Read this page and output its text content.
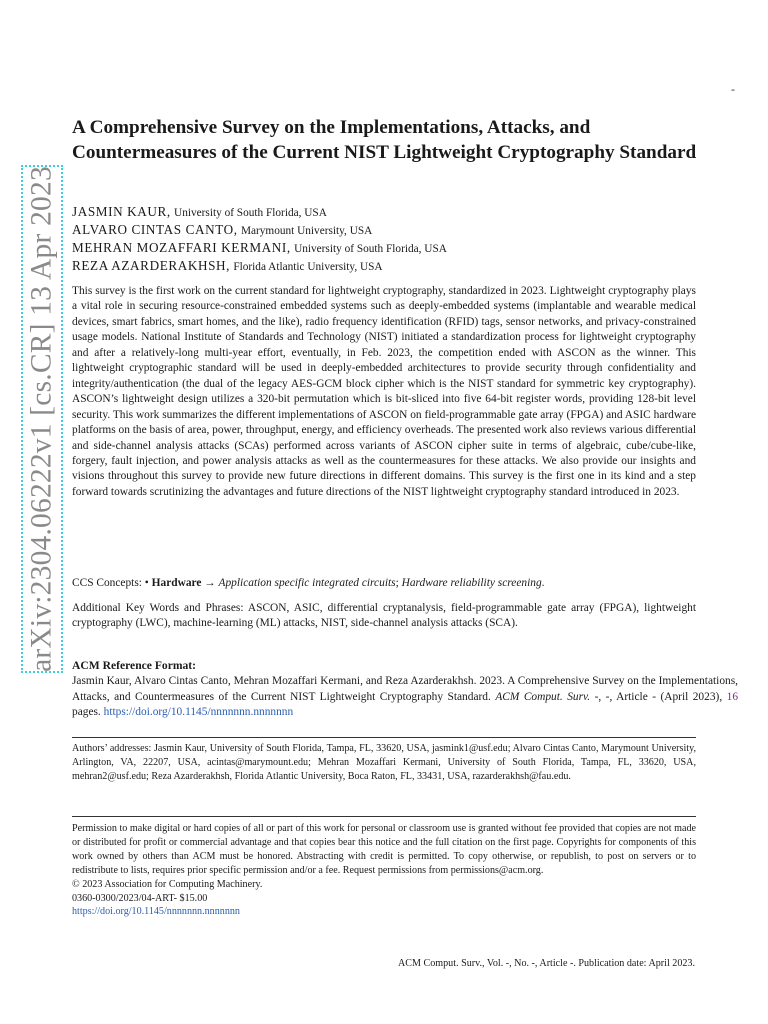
arXiv:2304.06222v1 [cs.CR] 13 Apr 2023
-
A Comprehensive Survey on the Implementations, Attacks, and Countermeasures of the Current NIST Lightweight Cryptography Standard
JASMIN KAUR, University of South Florida, USA
ALVARO CINTAS CANTO, Marymount University, USA
MEHRAN MOZAFFARI KERMANI, University of South Florida, USA
REZA AZARDERAKHSH, Florida Atlantic University, USA

This survey is the first work on the current standard for lightweight cryptography, standardized in 2023. Lightweight cryptography plays a vital role in securing resource-constrained embedded systems such as deeply-embedded systems (implantable and wearable medical devices, smart fabrics, smart homes, and the like), radio frequency identification (RFID) tags, sensor networks, and privacy-constrained usage models. National Institute of Standards and Technology (NIST) initiated a standardization process for lightweight cryptography and after a relatively-long multi-year effort, eventually, in Feb. 2023, the competition ended with ASCON as the winner. This lightweight cryptographic standard will be used in deeply-embedded architectures to provide security through confidentiality and integrity/authentication (the dual of the legacy AES-GCM block cipher which is the NIST standard for symmetric key cryptography). ASCON’s lightweight design utilizes a 320-bit permutation which is bit-sliced into five 64-bit register words, providing 128-bit level security. This work summarizes the different implementations of ASCON on field-programmable gate array (FPGA) and ASIC hardware platforms on the basis of area, power, throughput, energy, and efficiency overheads. The presented work also reviews various differential and side-channel analysis attacks (SCAs) performed across variants of ASCON cipher suite in terms of algebraic, cube/cube-like, forgery, fault injection, and power analysis attacks as well as the countermeasures for these attacks. We also provide our insights and visions throughout this survey to provide new future directions in different domains. This survey is the first one in its kind and a step forward towards scrutinizing the advantages and future directions of the NIST lightweight cryptography standard introduced in 2023.

CCS Concepts: • Hardware → Application specific integrated circuits; Hardware reliability screening.
Additional Key Words and Phrases: ASCON, ASIC, differential cryptanalysis, field-programmable gate array (FPGA), lightweight cryptography (LWC), machine-learning (ML) attacks, NIST, side-channel analysis attacks (SCA).
ACM Reference Format:
Jasmin Kaur, Alvaro Cintas Canto, Mehran Mozaffari Kermani, and Reza Azarderakhsh. 2023. A Comprehensive Survey on the Implementations, Attacks, and Countermeasures of the Current NIST Lightweight Cryptography Standard. ACM Comput. Surv. -, -, Article - (April 2023), 16 pages. https://doi.org/10.1145/nnnnnnn.nnnnnnn
Authors’ addresses: Jasmin Kaur, University of South Florida, Tampa, FL, 33620, USA, jasmink1@usf.edu; Alvaro Cintas Canto, Marymount University, Arlington, VA, 22207, USA, acintas@marymount.edu; Mehran Mozaffari Kermani, University of South Florida, Tampa, FL, 33620, USA, mehran2@usf.edu; Reza Azarderakhsh, Florida Atlantic University, Boca Raton, FL, 33431, USA, razarderakhsh@fau.edu.
Permission to make digital or hard copies of all or part of this work for personal or classroom use is granted without fee provided that copies are not made or distributed for profit or commercial advantage and that copies bear this notice and the full citation on the first page. Copyrights for components of this work owned by others than ACM must be honored. Abstracting with credit is permitted. To copy otherwise, or republish, to post on servers or to redistribute to lists, requires prior specific permission and/or a fee. Request permissions from permissions@acm.org.
© 2023 Association for Computing Machinery.
0360-0300/2023/04-ART- $15.00
https://doi.org/10.1145/nnnnnnn.nnnnnnn
ACM Comput. Surv., Vol. -, No. -, Article -. Publication date: April 2023.
